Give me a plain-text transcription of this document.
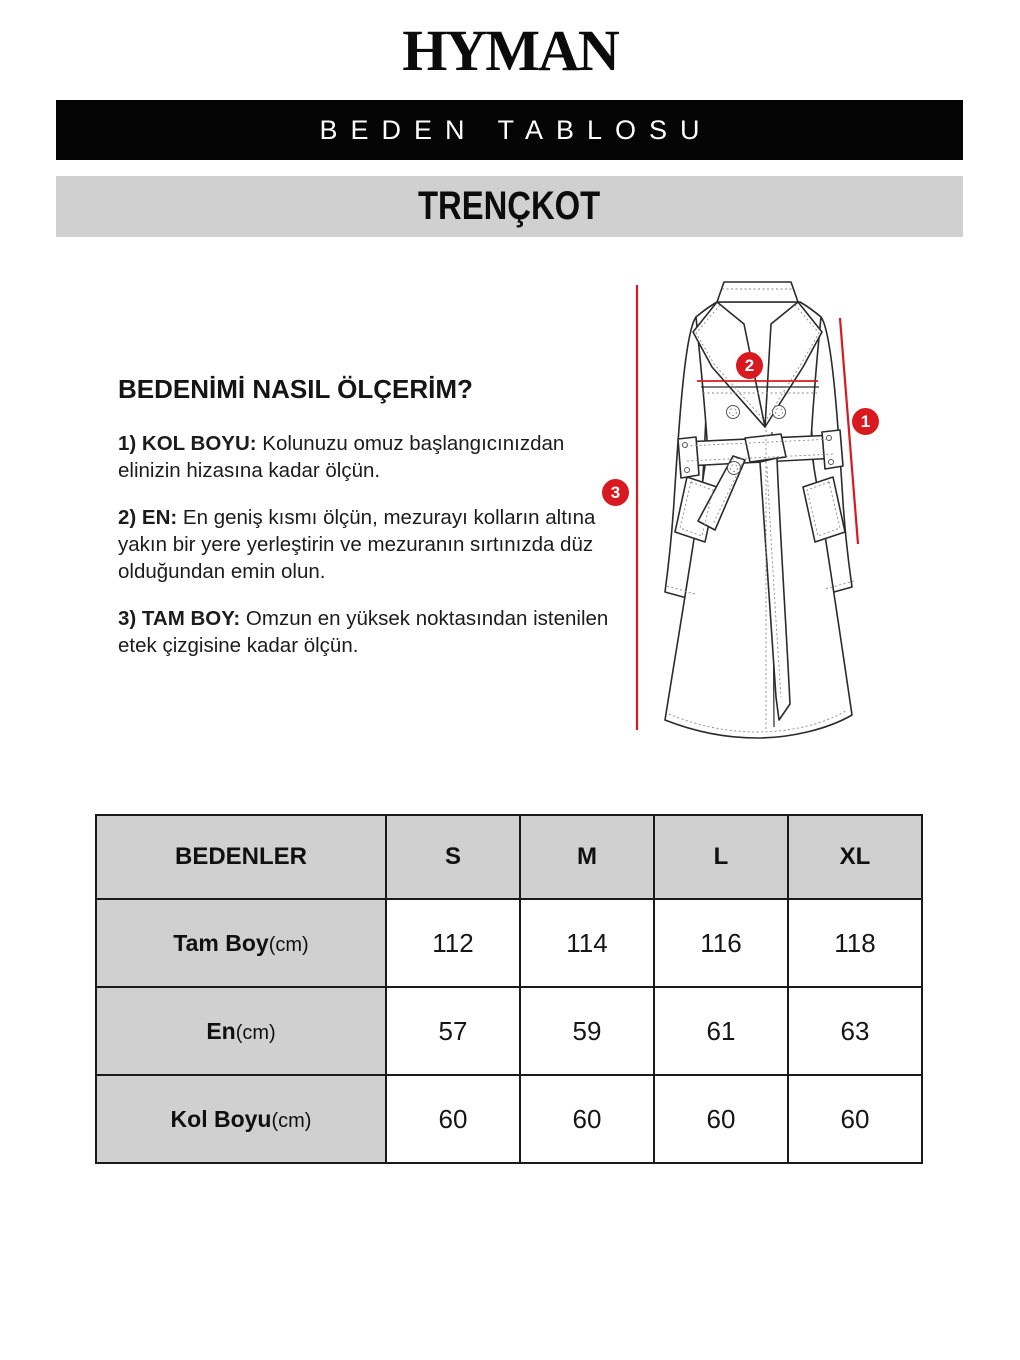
HYMAN
BEDEN TABLOSU
TRENÇKOT
BEDENİMİ NASIL ÖLÇERİM?

1) KOL BOYU: Kolunuzu omuz başlangıcınızdan elinizin hizasına kadar ölçün.

2) EN: En geniş kısmı ölçün, mezurayı kolların altına yakın bir yere yerleştirin ve mezuranın sırtınızda düz olduğundan emin olun.

3) TAM BOY: Omzun en yüksek noktasından istenilen etek çizgisine kadar ölçün.

2
1
3
BEDENLER	S	M	L	XL
Tam Boy(cm)	112	114	116	118
En(cm)	57	59	61	63
Kol Boyu(cm)	60	60	60	60
